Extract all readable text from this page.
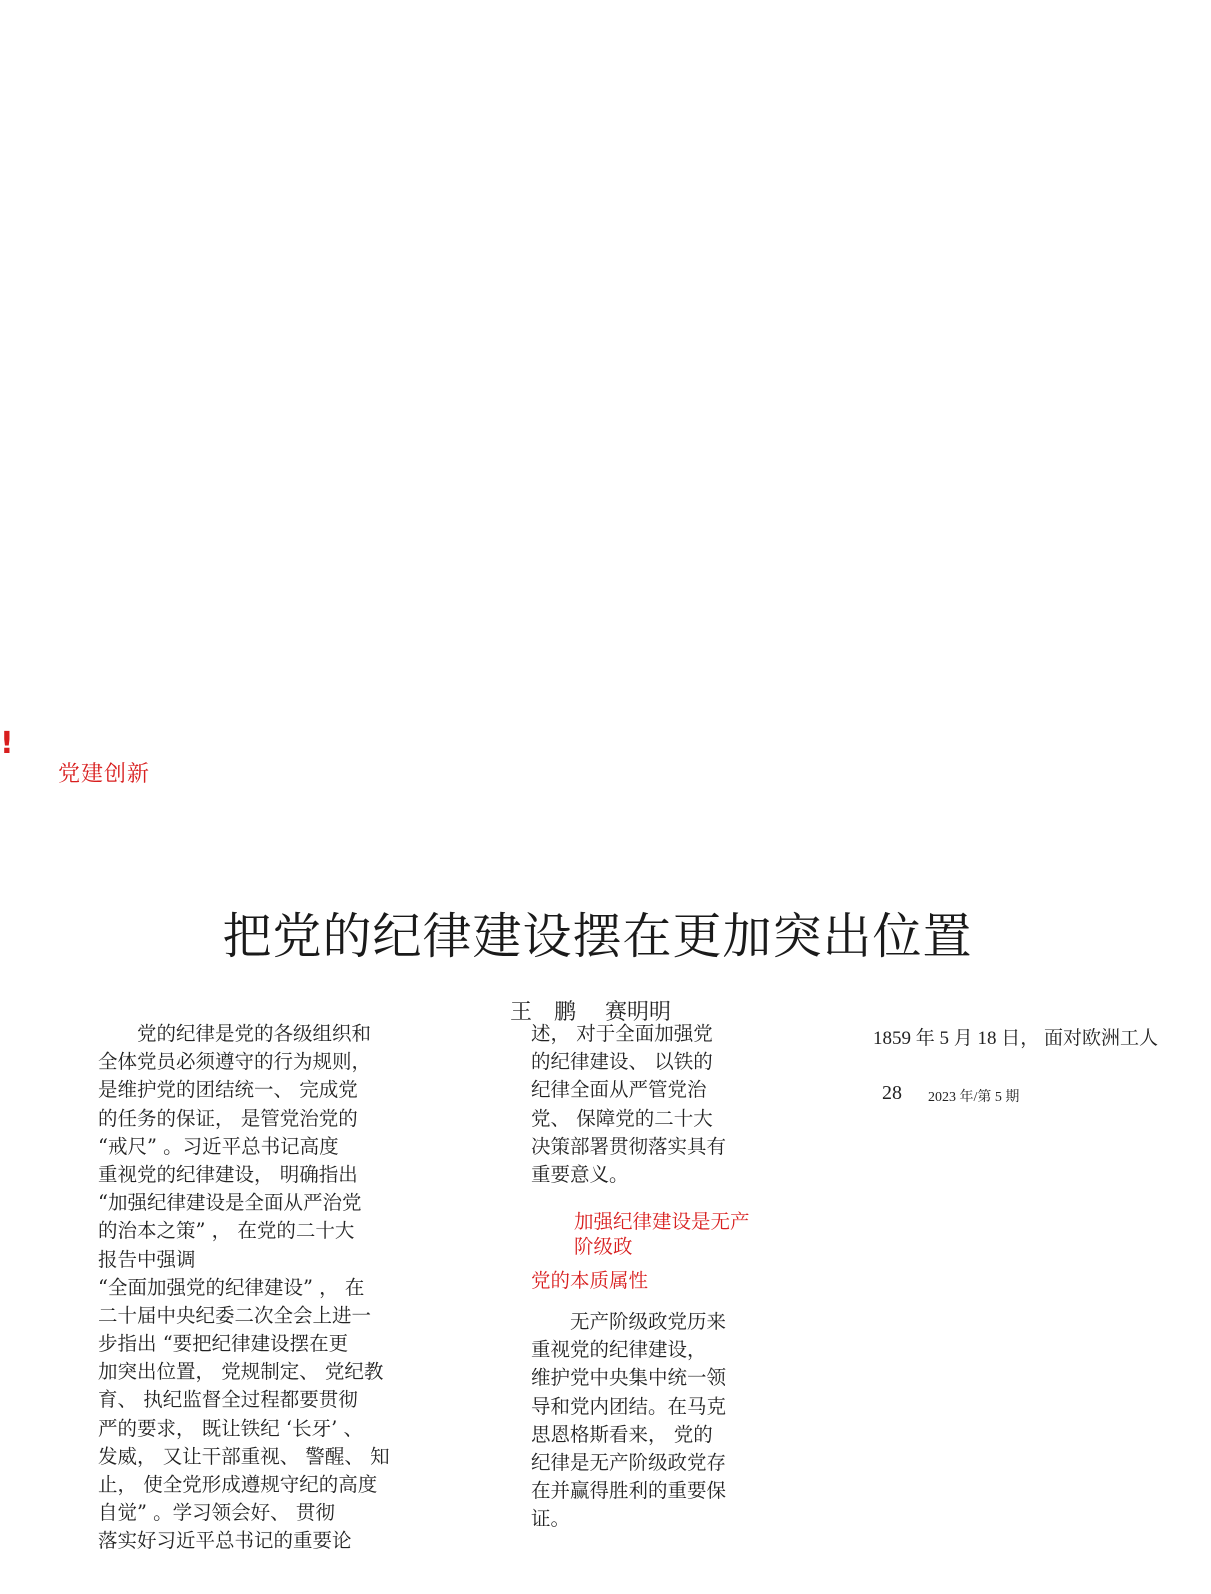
!
党建创新
把党的纪律建设摆在更加突出位置
王　鹏　 赛明明
　　党的纪律是党的各级组织和
全体党员必须遵守的行为规则，
是维护党的团结统一、 完成党
的任务的保证， 是管党治党的
“戒尺” 。习近平总书记高度
重视党的纪律建设， 明确指出
“加强纪律建设是全面从严治党
的治本之策” ， 在党的二十大
报告中强调
“全面加强党的纪律建设” ， 在
二十届中央纪委二次全会上进一
步指出 “要把纪律建设摆在更
加突出位置， 党规制定、 党纪教
育、 执纪监督全过程都要贯彻
严的要求， 既让铁纪 ‘长牙’ 、
发威， 又让干部重视、 警醒、 知
止， 使全党形成遵规守纪的高度
自觉” 。学习领会好、 贯彻
落实好习近平总书记的重要论
述， 对于全面加强党
的纪律建设、 以铁的
纪律全面从严管党治
党、 保障党的二十大
决策部署贯彻落实具有
重要意义。
加强纪律建设是无产
阶级政
党的本质属性
　　无产阶级政党历来
重视党的纪律建设，
维护党中央集中统一领
导和党内团结。在马克
思恩格斯看来， 党的
纪律是无产阶级政党存
在并赢得胜利的重要保
证。
1859 年 5 月 18 日， 面对欧洲工人
28 2023 年/第 5 期
